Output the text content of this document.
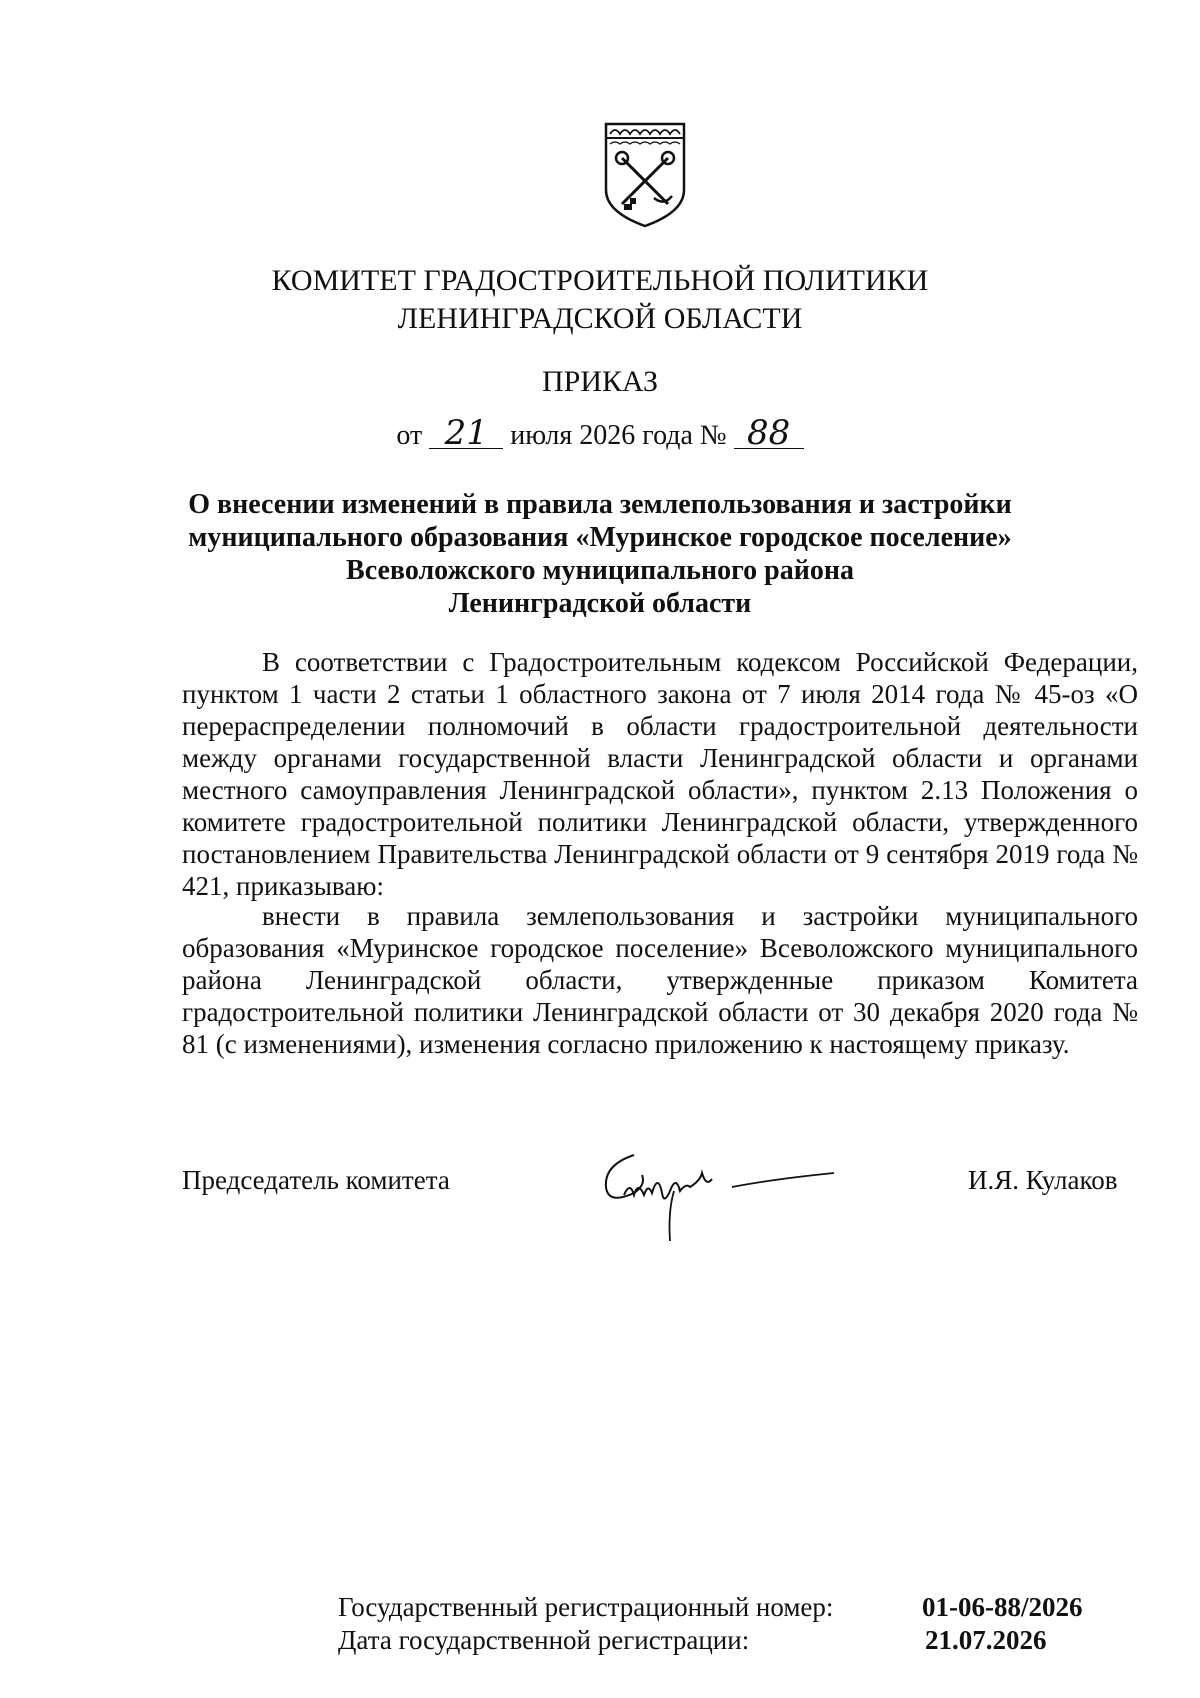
КОМИТЕТ ГРАДОСТРОИТЕЛЬНОЙ ПОЛИТИКИ
ЛЕНИНГРАДСКОЙ ОБЛАСТИ
ПРИКАЗ
от 21 июля 2026 года № 88
О внесении изменений в правила землепользования и застройки
муниципального образования «Муринское городское поселение»
Всеволожского муниципального района
Ленинградской области
В соответствии с Градостроительным кодексом Российской Федерации, пунктом 1 части 2 статьи 1 областного закона от 7 июля 2014 года № 45-оз «О перераспределении полномочий в области градостроительной деятельности между органами государственной власти Ленинградской области и органами местного самоуправления Ленинградской области», пунктом 2.13 Положения о комитете градостроительной политики Ленинградской области, утвержденного постановлением Правительства Ленинградской области от 9 сентября 2019 года № 421, приказываю:
внести в правила землепользования и застройки муниципального образования «Муринское городское поселение» Всеволожского муниципального района Ленинградской области, утвержденные приказом Комитета градостроительной политики Ленинградской области от 30 декабря 2020 года № 81 (с изменениями), изменения согласно приложению к настоящему приказу.
Председатель комитета	И.Я. Кулаков
Государственный регистрационный номер:	01-06-88/2026
Дата государственной регистрации:	21.07.2026
